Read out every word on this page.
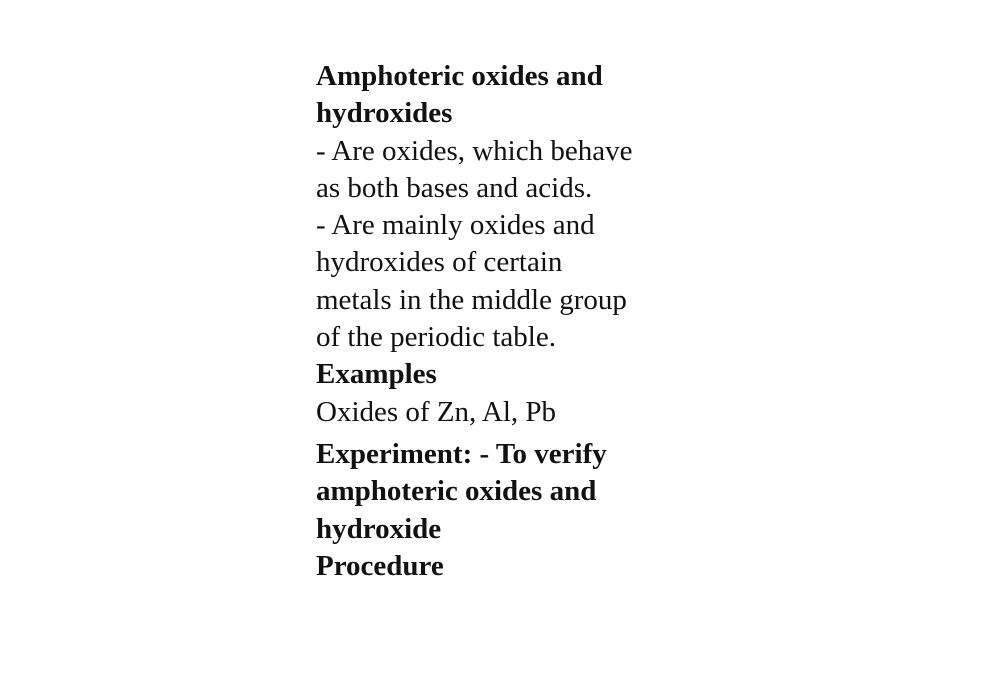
Amphoteric oxides and
hydroxides
- Are oxides, which behave
as both bases and acids.
- Are mainly oxides and
hydroxides of certain
metals in the middle group
of the periodic table.
Examples
Oxides of Zn, Al, Pb
Experiment: - To verify
amphoteric oxides and
hydroxide
Procedure
